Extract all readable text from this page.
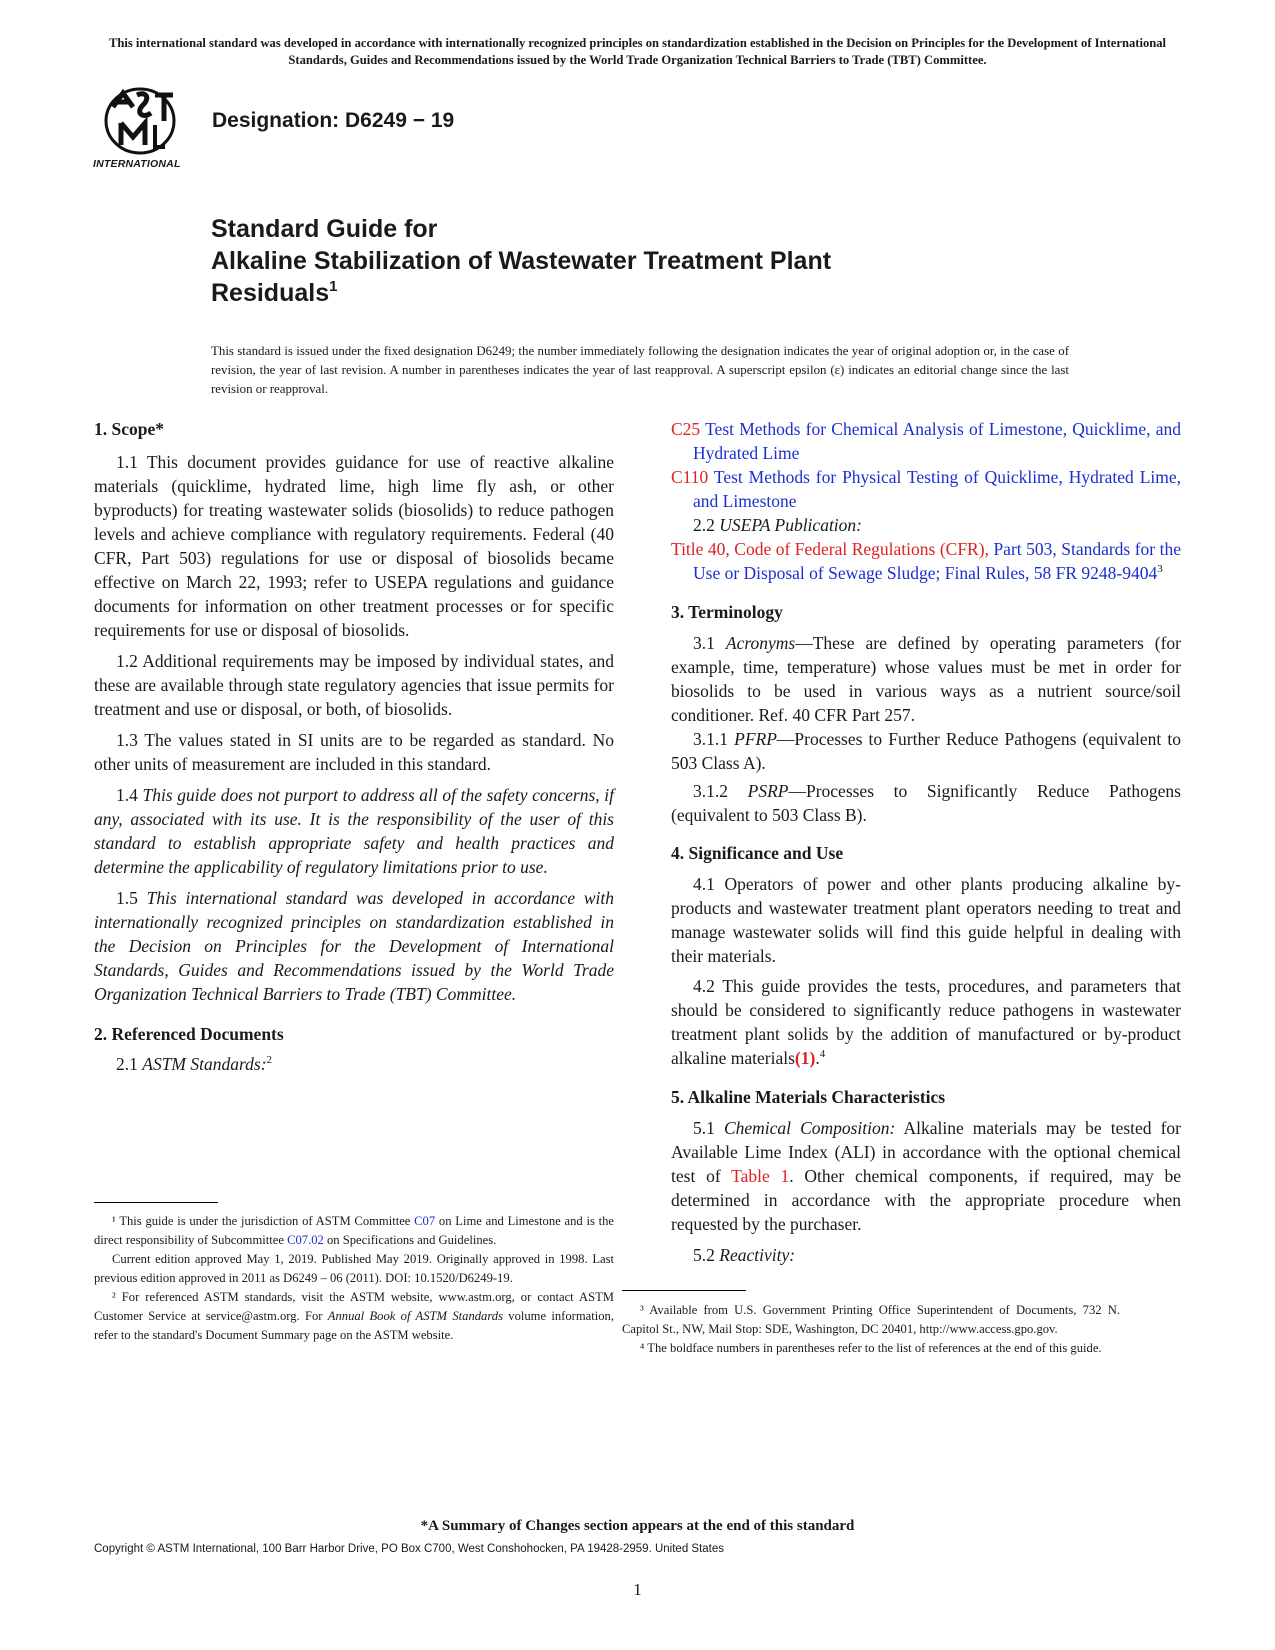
This international standard was developed in accordance with internationally recognized principles on standardization established in the Decision on Principles for the Development of International Standards, Guides and Recommendations issued by the World Trade Organization Technical Barriers to Trade (TBT) Committee.
INTERNATIONAL
Designation: D6249 − 19
Standard Guide for
Alkaline Stabilization of Wastewater Treatment Plant
Residuals$^1$
This standard is issued under the fixed designation D6249; the number immediately following the designation indicates the year of original adoption or, in the case of revision, the year of last revision. A number in parentheses indicates the year of last reapproval. A superscript epsilon (ε) indicates an editorial change since the last revision or reapproval.
1. Scope*

1.1 This document provides guidance for use of reactive alkaline materials (quicklime, hydrated lime, high lime fly ash, or other byproducts) for treating wastewater solids (biosolids) to reduce pathogen levels and achieve compliance with regulatory requirements. Federal (40 CFR, Part 503) regulations for use or disposal of biosolids became effective on March 22, 1993; refer to USEPA regulations and guidance documents for information on other treatment processes or for specific requirements for use or disposal of biosolids.

1.2 Additional requirements may be imposed by individual states, and these are available through state regulatory agencies that issue permits for treatment and use or disposal, or both, of biosolids.

1.3 The values stated in SI units are to be regarded as standard. No other units of measurement are included in this standard.

1.4 This guide does not purport to address all of the safety concerns, if any, associated with its use. It is the responsibility of the user of this standard to establish appropriate safety and health practices and determine the applicability of regulatory limitations prior to use.

1.5 This international standard was developed in accordance with internationally recognized principles on standardization established in the Decision on Principles for the Development of International Standards, Guides and Recommendations issued by the World Trade Organization Technical Barriers to Trade (TBT) Committee.

2. Referenced Documents

2.1 ASTM Standards:$^2$

¹ This guide is under the jurisdiction of ASTM Committee C07 on Lime and Limestone and is the direct responsibility of Subcommittee C07.02 on Specifications and Guidelines.

Current edition approved May 1, 2019. Published May 2019. Originally approved in 1998. Last previous edition approved in 2011 as D6249 – 06 (2011). DOI: 10.1520/D6249-19.

² For referenced ASTM standards, visit the ASTM website, www.astm.org, or contact ASTM Customer Service at service@astm.org. For Annual Book of ASTM Standards volume information, refer to the standard's Document Summary page on the ASTM website.

C25 Test Methods for Chemical Analysis of Limestone, Quicklime, and Hydrated Lime
C110 Test Methods for Physical Testing of Quicklime, Hydrated Lime, and Limestone

2.2 USEPA Publication:

Title 40, Code of Federal Regulations (CFR), Part 503, Standards for the Use or Disposal of Sewage Sludge; Final Rules, 58 FR 9248-9404$^3$
3. Terminology

3.1 Acronyms—These are defined by operating parameters (for example, time, temperature) whose values must be met in order for biosolids to be used in various ways as a nutrient source/soil conditioner. Ref. 40 CFR Part 257.

3.1.1 PFRP—Processes to Further Reduce Pathogens (equivalent to 503 Class A).

3.1.2 PSRP—Processes to Significantly Reduce Pathogens (equivalent to 503 Class B).

4. Significance and Use

4.1 Operators of power and other plants producing alkaline by-products and wastewater treatment plant operators needing to treat and manage wastewater solids will find this guide helpful in dealing with their materials.

4.2 This guide provides the tests, procedures, and parameters that should be considered to significantly reduce pathogens in wastewater treatment plant solids by the addition of manufactured or by-product alkaline materials(1).$^4$

5. Alkaline Materials Characteristics

5.1 Chemical Composition: Alkaline materials may be tested for Available Lime Index (ALI) in accordance with the optional chemical test of Table 1. Other chemical components, if required, may be determined in accordance with the appropriate procedure when requested by the purchaser.

5.2 Reactivity:

³ Available from U.S. Government Printing Office Superintendent of Documents, 732 N. Capitol St., NW, Mail Stop: SDE, Washington, DC 20401, http://www.access.gpo.gov.

⁴ The boldface numbers in parentheses refer to the list of references at the end of this guide.

*A Summary of Changes section appears at the end of this standard
Copyright © ASTM International, 100 Barr Harbor Drive, PO Box C700, West Conshohocken, PA 19428-2959. United States
1
